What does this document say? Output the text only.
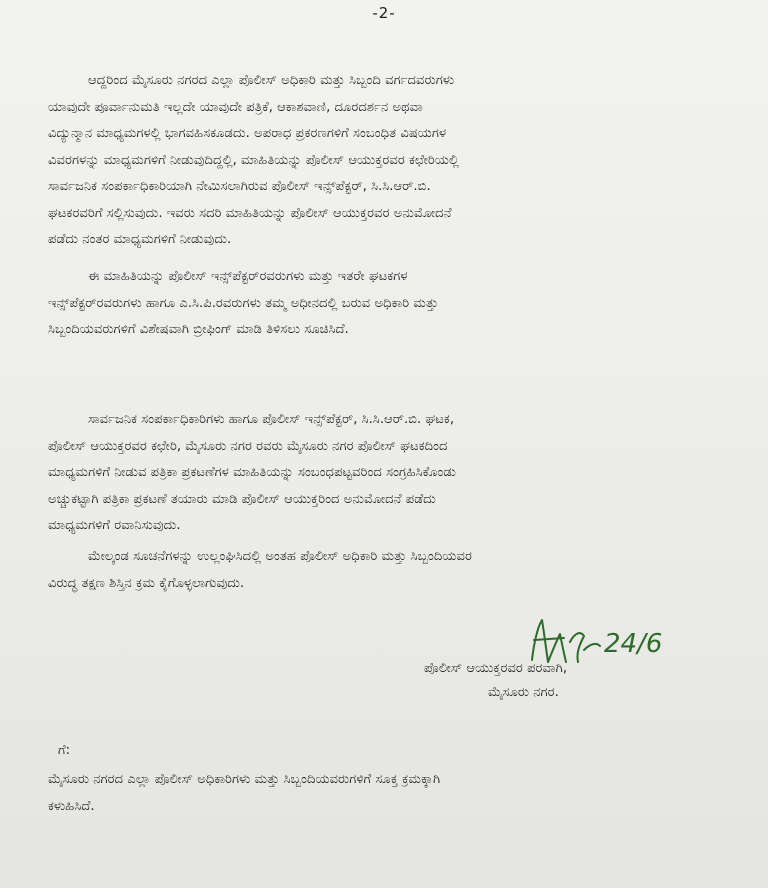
-2-
ಆದ್ದರಿಂದ ಮೈಸೂರು ನಗರದ ಎಲ್ಲಾ ಪೊಲೀಸ್ ಅಧಿಕಾರಿ ಮತ್ತು ಸಿಬ್ಬಂದಿ ವರ್ಗದವರುಗಳು
ಯಾವುದೇ ಪೂರ್ವಾನುಮತಿ ಇಲ್ಲದೇ ಯಾವುದೇ ಪತ್ರಿಕೆ, ಆಕಾಶವಾಣಿ, ದೂರದರ್ಶನ ಅಥವಾ
ವಿದ್ಯುನ್ಮಾನ ಮಾಧ್ಯಮಗಳಲ್ಲಿ ಭಾಗವಹಿಸಕೂಡದು. ಅಪರಾಧ ಪ್ರಕರಣಗಳಿಗೆ ಸಂಬಂಧಿತ ವಿಷಯಗಳ
ವಿವರಗಳನ್ನು ಮಾಧ್ಯಮಗಳಿಗೆ ನೀಡುವುದಿದ್ದಲ್ಲಿ, ಮಾಹಿತಿಯನ್ನು ಪೊಲೀಸ್ ಆಯುಕ್ತರವರ ಕಛೇರಿಯಲ್ಲಿ
ಸಾರ್ವಜನಿಕ ಸಂಪರ್ಕಾಧಿಕಾರಿಯಾಗಿ ನೇಮಿಸಲಾಗಿರುವ ಪೊಲೀಸ್ ಇನ್ಸ್‌ಪೆಕ್ಟರ್, ಸಿ.ಸಿ.ಆರ್.ಬಿ.
ಘಟಕರವರಿಗೆ ಸಲ್ಲಿಸುವುದು. ಇವರು ಸದರಿ ಮಾಹಿತಿಯನ್ನು ಪೊಲೀಸ್ ಆಯುಕ್ತರವರ ಅನುಮೋದನೆ
ಪಡೆದು ನಂತರ ಮಾಧ್ಯಮಗಳಿಗೆ ನೀಡುವುದು.
ಈ ಮಾಹಿತಿಯನ್ನು ಪೊಲೀಸ್ ಇನ್ಸ್‌ಪೆಕ್ಟರ್‌ರವರುಗಳು ಮತ್ತು ಇತರೇ ಘಟಕಗಳ
ಇನ್ಸ್‌ಪೆಕ್ಟರ್‌ರವರುಗಳು ಹಾಗೂ ಎ.ಸಿ.ಪಿ.ರವರುಗಳು ತಮ್ಮ ಅಧೀನದಲ್ಲಿ ಬರುವ ಅಧಿಕಾರಿ ಮತ್ತು
ಸಿಬ್ಬಂದಿಯವರುಗಳಿಗೆ ವಿಶೇಷವಾಗಿ ಬ್ರೀಫಿಂಗ್ ಮಾಡಿ ತಿಳಿಸಲು ಸೂಚಿಸಿದೆ.
ಸಾರ್ವಜನಿಕ ಸಂಪರ್ಕಾಧಿಕಾರಿಗಳು ಹಾಗೂ ಪೊಲೀಸ್ ಇನ್ಸ್‌ಪೆಕ್ಟರ್, ಸಿ.ಸಿ.ಆರ್.ಬಿ. ಘಟಕ,
ಪೊಲೀಸ್ ಆಯುಕ್ತರವರ ಕಛೇರಿ, ಮೈಸೂರು ನಗರ ರವರು ಮೈಸೂರು ನಗರ ಪೊಲೀಸ್ ಘಟಕದಿಂದ
ಮಾಧ್ಯಮಗಳಿಗೆ ನೀಡುವ ಪತ್ರಿಕಾ ಪ್ರಕಟಣೆಗಳ ಮಾಹಿತಿಯನ್ನು ಸಂಬಂಧಪಟ್ಟವರಿಂದ ಸಂಗ್ರಹಿಸಿಕೊಂಡು
ಅಚ್ಚುಕಟ್ಟಾಗಿ ಪತ್ರಿಕಾ ಪ್ರಕಟಣೆ ತಯಾರು ಮಾಡಿ ಪೊಲೀಸ್ ಆಯುಕ್ತರಿಂದ ಅನುಮೋದನೆ ಪಡೆದು
ಮಾಧ್ಯಮಗಳಿಗೆ ರವಾನಿಸುವುದು.
ಮೇಲ್ಕಂಡ ಸೂಚನೆಗಳನ್ನು ಉಲ್ಲಂಘಿಸಿದಲ್ಲಿ ಅಂತಹ ಪೊಲೀಸ್ ಅಧಿಕಾರಿ ಮತ್ತು ಸಿಬ್ಬಂದಿಯವರ
ವಿರುದ್ಧ ತಕ್ಷಣ ಶಿಸ್ತಿನ ಕ್ರಮ ಕೈಗೊಳ್ಳಲಾಗುವುದು.
24/6
ಪೊಲೀಸ್ ಆಯುಕ್ತರವರ ಪರವಾಗಿ,
ಮೈಸೂರು ನಗರ.
ಗೆ:
ಮೈಸೂರು ನಗರದ ಎಲ್ಲಾ ಪೊಲೀಸ್ ಅಧಿಕಾರಿಗಳು ಮತ್ತು ಸಿಬ್ಬಂದಿಯವರುಗಳಿಗೆ ಸೂಕ್ತ ಕ್ರಮಕ್ಕಾಗಿ
ಕಳುಹಿಸಿದೆ.
